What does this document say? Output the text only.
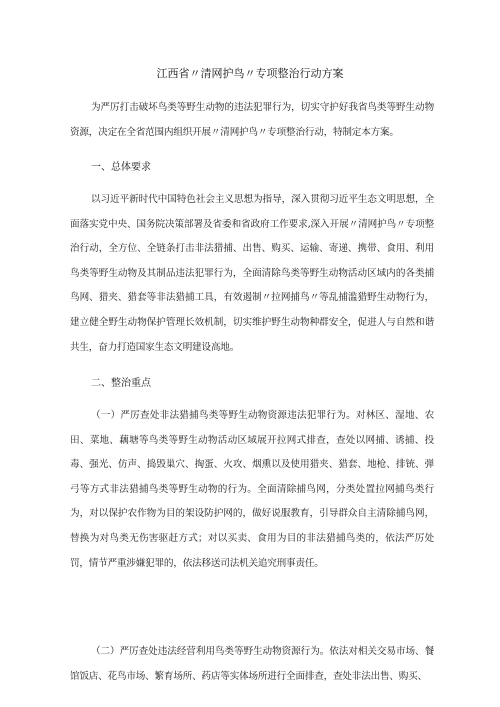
江西省〃清网护鸟〃专项整治行动方案

为严厉打击破坏鸟类等野生动物的违法犯罪行为，切实守护好我省鸟类等野生动物资源，决定在全省范围内组织开展〃清网护鸟〃专项整治行动，特制定本方案。

一、总体要求

以习近平新时代中国特色社会主义思想为指导，深入贯彻习近平生态文明思想，全面落实党中央、国务院决策部署及省委和省政府工作要求,深入开展〃清网护鸟〃专项整治行动，全方位、全链条打击非法猎捕、出售、购买、运输、寄递、携带、食用、利用鸟类等野生动物及其制品违法犯罪行为，全面清除鸟类等野生动物活动区域内的各类捕鸟网、猎夹、猎套等非法猎捕工具，有效遏制〃拉网捕鸟〃等乱捕滥猎野生动物行为，建立健全野生动物保护管理长效机制，切实维护野生动物种群安全，促进人与自然和谐共生，奋力打造国家生态文明建设高地。

二、整治重点

（一）严厉查处非法猎捕鸟类等野生动物资源违法犯罪行为。对林区、湿地、农田、菜地、藕塘等鸟类等野生动物活动区域展开拉网式排查，查处以网捕、诱捕、投毒、强光、仿声、捣毁巢穴、掏蛋、火攻、烟熏以及使用猎夹、猎套、地枪、排铳、弹弓等方式非法猎捕鸟类等野生动物的行为。全面清除捕鸟网，分类处置拉网捕鸟类行为，对以保护农作物为目的架设防护网的，做好说服教育，引导群众自主清除捕鸟网，替换为对鸟类无伤害驱赶方式；对以买卖、食用为目的非法猎捕鸟类的，依法严厉处罚，情节严重涉嫌犯罪的，依法移送司法机关追究刑事责任。

（二）严厉查处违法经营利用鸟类等野生动物资源行为。依法对相关交易市场、餐馆饭店、花鸟市场、繁育场所、药店等实体场所进行全面排查，查处非法出售、购买、
